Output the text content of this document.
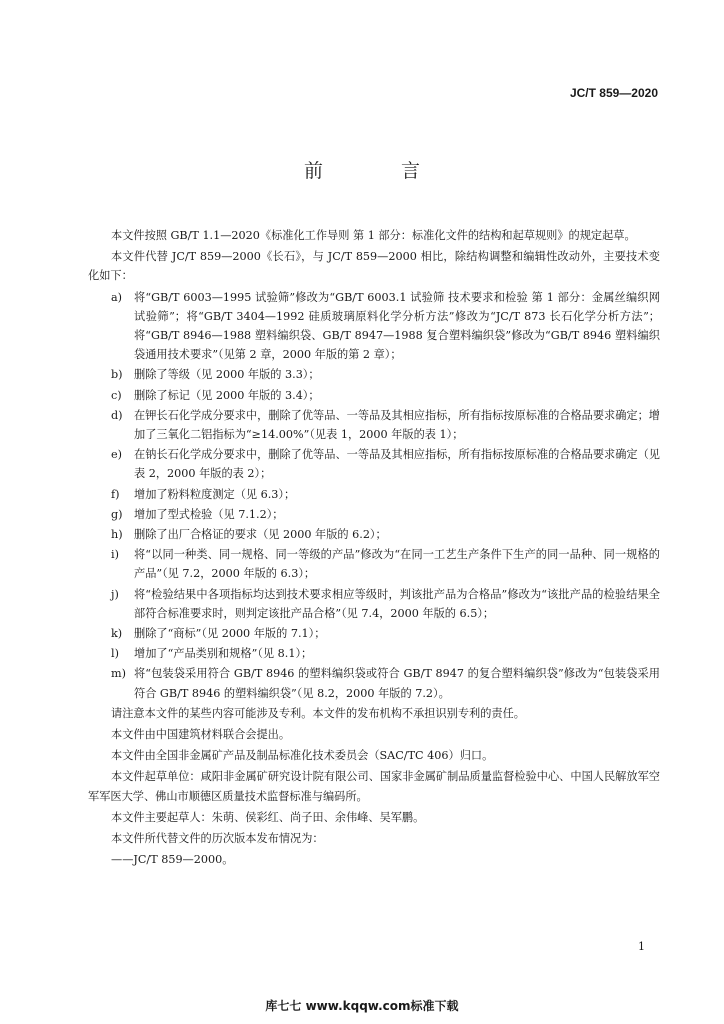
JC/T 859—2020
前 言

本文件按照 GB/T 1.1—2020《标准化工作导则 第 1 部分：标准化文件的结构和起草规则》的规定起草。

本文件代替 JC/T 859—2000《长石》，与 JC/T 859—2000 相比，除结构调整和编辑性改动外，主要技术变化如下：

a) 将“GB/T 6003—1995 试验筛”修改为“GB/T 6003.1 试验筛 技术要求和检验 第 1 部分：金属丝编织网试验筛”；将“GB/T 3404—1992 硅质玻璃原料化学分析方法”修改为“JC/T 873 长石化学分析方法”；将“GB/T 8946—1988 塑料编织袋、GB/T 8947—1988 复合塑料编织袋”修改为“GB/T 8946 塑料编织袋通用技术要求”（见第 2 章，2000 年版的第 2 章）；
b) 删除了等级（见 2000 年版的 3.3）；
c) 删除了标记（见 2000 年版的 3.4）；
d) 在钾长石化学成分要求中，删除了优等品、一等品及其相应指标，所有指标按原标准的合格品要求确定；增加了三氧化二铝指标为“≥14.00%”（见表 1，2000 年版的表 1）；
e) 在钠长石化学成分要求中，删除了优等品、一等品及其相应指标，所有指标按原标准的合格品要求确定（见表 2，2000 年版的表 2）；
f) 增加了粉料粒度测定（见 6.3）；
g) 增加了型式检验（见 7.1.2）；
h) 删除了出厂合格证的要求（见 2000 年版的 6.2）；
i) 将“以同一种类、同一规格、同一等级的产品”修改为“在同一工艺生产条件下生产的同一品种、同一规格的产品”（见 7.2，2000 年版的 6.3）；
j) 将“检验结果中各项指标均达到技术要求相应等级时，判该批产品为合格品”修改为“该批产品的检验结果全部符合标准要求时，则判定该批产品合格”（见 7.4，2000 年版的 6.5）；
k) 删除了“商标”（见 2000 年版的 7.1）；
l) 增加了“产品类别和规格”（见 8.1）；
m) 将“包装袋采用符合 GB/T 8946 的塑料编织袋或符合 GB/T 8947 的复合塑料编织袋”修改为“包装袋采用符合 GB/T 8946 的塑料编织袋”（见 8.2，2000 年版的 7.2）。

请注意本文件的某些内容可能涉及专利。本文件的发布机构不承担识别专利的责任。

本文件由中国建筑材料联合会提出。

本文件由全国非金属矿产品及制品标准化技术委员会（SAC/TC 406）归口。

本文件起草单位：咸阳非金属矿研究设计院有限公司、国家非金属矿制品质量监督检验中心、中国人民解放军空军军医大学、佛山市顺德区质量技术监督标准与编码所。

本文件主要起草人：朱萌、侯彩红、尚子田、余伟峰、吴军鹏。

本文件所代替文件的历次版本发布情况为：

——JC/T 859—2000。

1
库七七 www.kqqw.com标准下载
